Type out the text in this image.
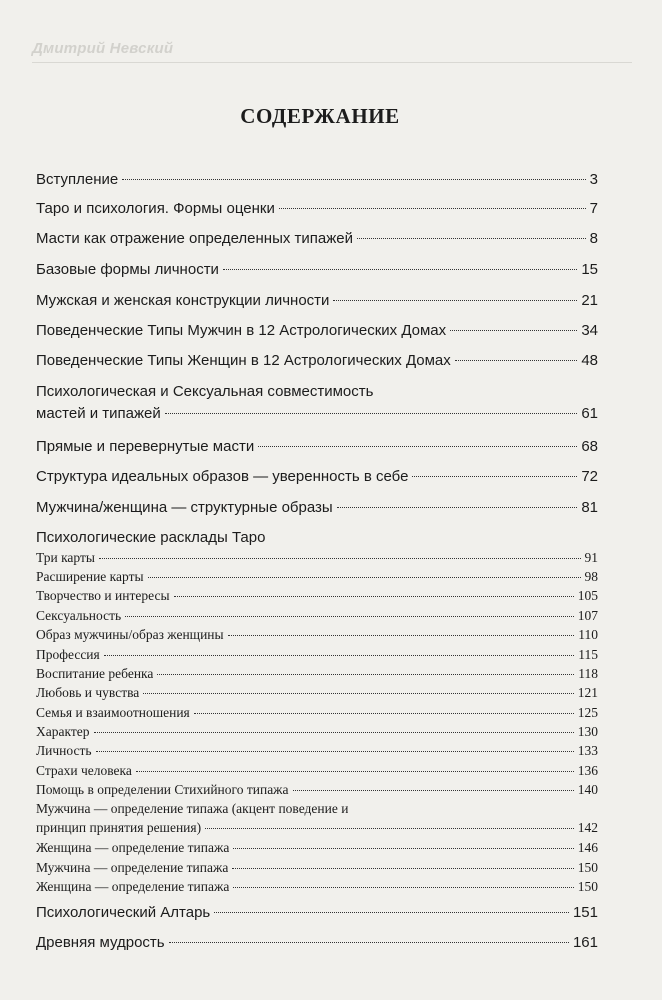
Дмитрий Невский
СОДЕРЖАНИЕ
Вступление	3
Таро и психология. Формы оценки	7
Масти как отражение определенных типажей	8
Базовые формы личности	15
Мужская и женская конструкции личности	21
Поведенческие Типы Мужчин в 12 Астрологических Домах	34
Поведенческие Типы Женщин в 12 Астрологических Домах	48
Психологическая и Сексуальная совместимость
мастей и типажей	61
Прямые и перевернутые масти	68
Структура идеальных образов — уверенность в себе	72
Мужчина/женщина — структурные образы	81
Психологические расклады Таро
Три карты	91
Расширение карты	98
Творчество и интересы	105
Сексуальность	107
Образ мужчины/образ женщины	110
Профессия	115
Воспитание ребенка	118
Любовь и чувства	121
Семья и взаимоотношения	125
Характер	130
Личность	133
Страхи человека	136
Помощь в определении Стихийного типажа	140
Мужчина — определение типажа (акцент поведение и
принцип принятия решения)	142
Женщина — определение типажа	146
Мужчина — определение типажа	150
Женщина — определение типажа	150
Психологический Алтарь	151
Древняя мудрость	161
